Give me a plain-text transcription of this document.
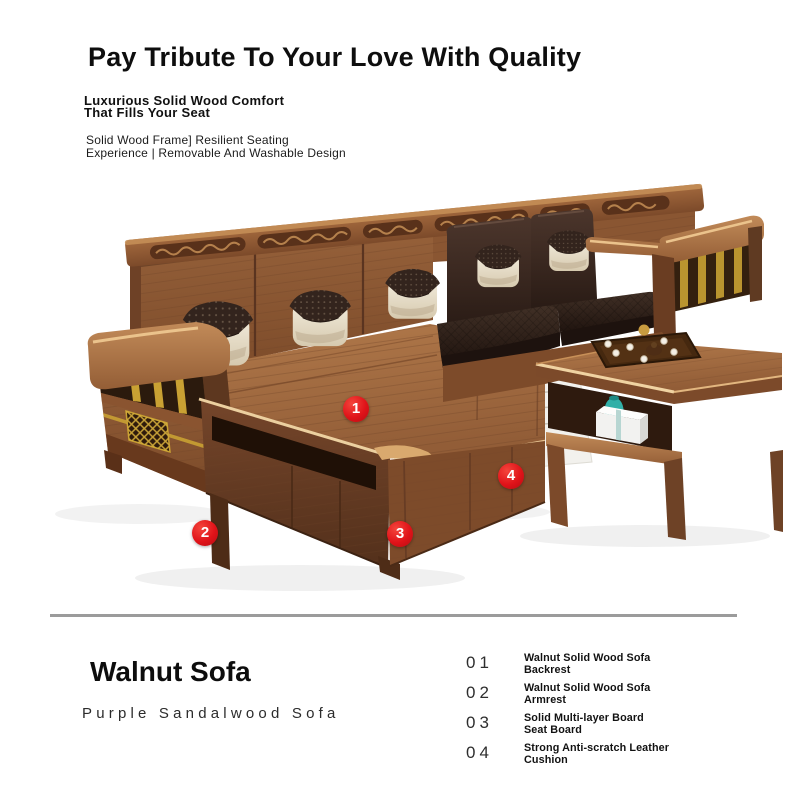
Pay Tribute To Your Love With Quality
Luxurious Solid Wood Comfort
That Fills Your Seat
Solid Wood Frame] Resilient Seating
Experience | Removable And Washable Design
1
2	3
4
Walnut Sofa
Purple Sandalwood Sofa
01	Walnut Solid Wood Sofa
Backrest
02	Walnut Solid Wood Sofa
Armrest
03	Solid Multi-layer Board
Seat Board
04	Strong Anti-scratch Leather
Cushion
